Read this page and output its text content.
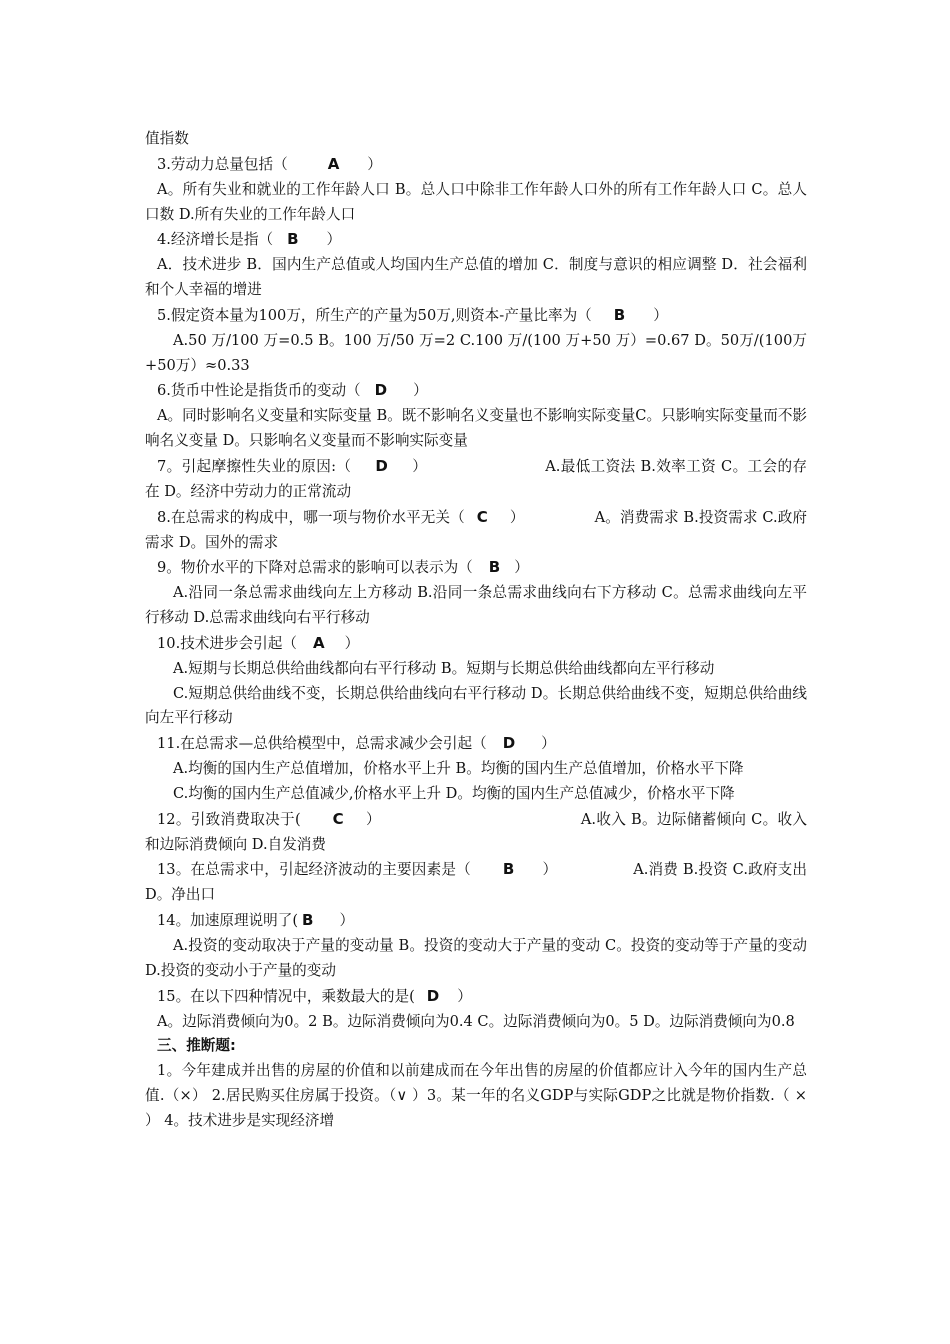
值指数

3.劳动力总量包括（	A ）

A。所有失业和就业的工作年龄人口 B。总人口中除非工作年龄人口外的所有工作年龄人口 C。总人口数 D.所有失业的工作年龄人口

4.经济增长是指（ B ）

A．技术进步 B．国内生产总值或人均国内生产总值的增加 C．制度与意识的相应调整 D．社会福利和个人幸福的增进

5.假定资本量为100万，所生产的产量为50万,则资本-产量比率为（ B ）

A.50 万/100 万=0.5 B。100 万/50 万=2 C.100 万/(100 万+50 万）=0.67 D。50万/(100万+50万）≈0.33

6.货币中性论是指货币的变动（ D ）

A。同时影响名义变量和实际变量 B。既不影响名义变量也不影响实际变量C。只影响实际变量而不影响名义变量 D。只影响名义变量而不影响实际变量

7。引起摩擦性失业的原因:（ D ）	A.最低工资法 B.效率工资 C。工会的存在 D。经济中劳动力的正常流动

8.在总需求的构成中，哪一项与物价水平无关（ C ）	A。消费需求 B.投资需求 C.政府需求 D。国外的需求

9。物价水平的下降对总需求的影响可以表示为（ B ）

A.沿同一条总需求曲线向左上方移动 B.沿同一条总需求曲线向右下方移动 C。总需求曲线向左平行移动 D.总需求曲线向右平行移动

10.技术进步会引起（ A ）

A.短期与长期总供给曲线都向右平行移动 B。短期与长期总供给曲线都向左平行移动

C.短期总供给曲线不变，长期总供给曲线向右平行移动 D。长期总供给曲线不变，短期总供给曲线向左平行移动

11.在总需求—总供给模型中，总需求减少会引起（ D ）

A.均衡的国内生产总值增加，价格水平上升 B。均衡的国内生产总值增加，价格水平下降

C.均衡的国内生产总值减少,价格水平上升 D。均衡的国内生产总值减少，价格水平下降

12。引致消费取决于( C ）	A.收入 B。边际储蓄倾向 C。收入和边际消费倾向 D.自发消费

13。在总需求中，引起经济波动的主要因素是（ B ）	A.消费 B.投资 C.政府支出 D。净出口

14。加速原理说明了( B ）

A.投资的变动取决于产量的变动量 B。投资的变动大于产量的变动 C。投资的变动等于产量的变动 D.投资的变动小于产量的变动

15。在以下四种情况中，乘数最大的是( D ）

A。边际消费倾向为0。2 B。边际消费倾向为0.4 C。边际消费倾向为0。5 D。边际消费倾向为0.8

三、推断题:

1。今年建成并出售的房屋的价值和以前建成而在今年出售的房屋的价值都应计入今年的国内生产总值.（×） 2.居民购买住房属于投资。（∨ ）3。某一年的名义GDP与实际GDP之比就是物价指数.（ × ） 4。技术进步是实现经济增
